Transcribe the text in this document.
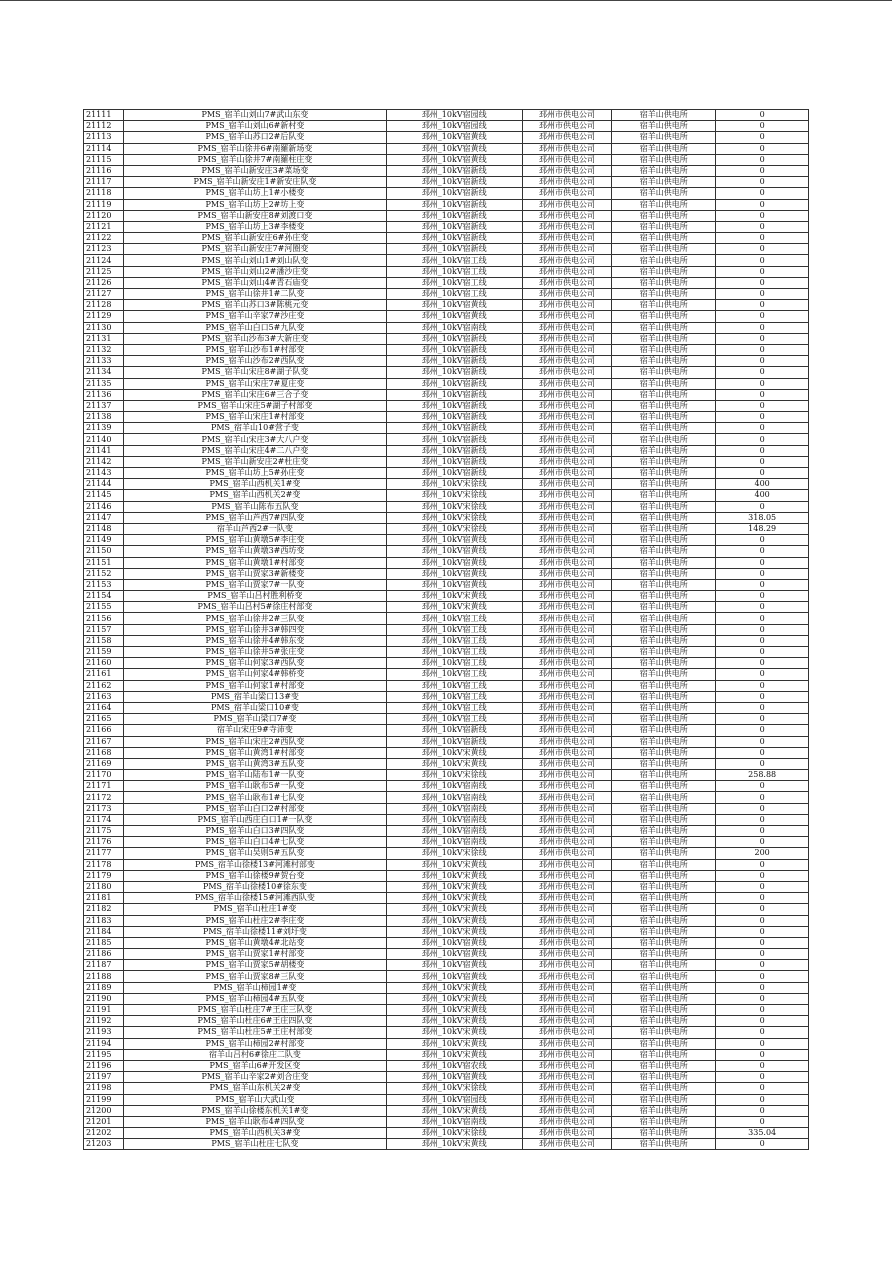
21111	PMS_宿羊山刘山7#武山东变	邳州_10kV宿园线	邳州市供电公司	宿羊山供电所	0
21112	PMS_宿羊山刘山6#新村变	邳州_10kV宿园线	邳州市供电公司	宿羊山供电所	0
21113	PMS_宿羊山苏口2#后队变	邳州_10kV宿黄线	邳州市供电公司	宿羊山供电所	0
21114	PMS_宿羊山徐井6#南羅新场变	邳州_10kV宿黄线	邳州市供电公司	宿羊山供电所	0
21115	PMS_宿羊山徐井7#南羅柱庄变	邳州_10kV宿黄线	邳州市供电公司	宿羊山供电所	0
21116	PMS_宿羊山新安庄3#菜场变	邳州_10kV宿新线	邳州市供电公司	宿羊山供电所	0
21117	PMS_宿羊山新安庄1#新安庄队变	邳州_10kV宿新线	邳州市供电公司	宿羊山供电所	0
21118	PMS_宿羊山坊上1#小楼变	邳州_10kV宿新线	邳州市供电公司	宿羊山供电所	0
21119	PMS_宿羊山坊上2#坊上变	邳州_10kV宿新线	邳州市供电公司	宿羊山供电所	0
21120	PMS_宿羊山新安庄8#刘渡口变	邳州_10kV宿新线	邳州市供电公司	宿羊山供电所	0
21121	PMS_宿羊山坊上3#李楼变	邳州_10kV宿新线	邳州市供电公司	宿羊山供电所	0
21122	PMS_宿羊山新安庄6#孙庄变	邳州_10kV宿新线	邳州市供电公司	宿羊山供电所	0
21123	PMS_宿羊山新安庄7#河圈变	邳州_10kV宿新线	邳州市供电公司	宿羊山供电所	0
21124	PMS_宿羊山刘山1#刘山队变	邳州_10kV宿工线	邳州市供电公司	宿羊山供电所	0
21125	PMS_宿羊山刘山2#潘沙庄变	邳州_10kV宿工线	邳州市供电公司	宿羊山供电所	0
21126	PMS_宿羊山刘山4#青石庙变	邳州_10kV宿工线	邳州市供电公司	宿羊山供电所	0
21127	PMS_宿羊山徐井1#二队变	邳州_10kV宿工线	邳州市供电公司	宿羊山供电所	0
21128	PMS_宿羊山苏口3#陈桃元变	邳州_10kV宿黄线	邳州市供电公司	宿羊山供电所	0
21129	PMS_宿羊山辛家7#沙庄变	邳州_10kV宿黄线	邳州市供电公司	宿羊山供电所	0
21130	PMS_宿羊山白口5#九队变	邳州_10kV宿南线	邳州市供电公司	宿羊山供电所	0
21131	PMS_宿羊山沙布3#大新庄变	邳州_10kV宿新线	邳州市供电公司	宿羊山供电所	0
21132	PMS_宿羊山沙布1#村部变	邳州_10kV宿新线	邳州市供电公司	宿羊山供电所	0
21133	PMS_宿羊山沙布2#西队变	邳州_10kV宿新线	邳州市供电公司	宿羊山供电所	0
21134	PMS_宿羊山宋庄8#湖子队变	邳州_10kV宿新线	邳州市供电公司	宿羊山供电所	0
21135	PMS_宿羊山宋庄7#夏庄变	邳州_10kV宿新线	邳州市供电公司	宿羊山供电所	0
21136	PMS_宿羊山宋庄6#三合子变	邳州_10kV宿新线	邳州市供电公司	宿羊山供电所	0
21137	PMS_宿羊山宋庄5#湖子村部变	邳州_10kV宿新线	邳州市供电公司	宿羊山供电所	0
21138	PMS_宿羊山宋庄1#村部变	邳州_10kV宿新线	邳州市供电公司	宿羊山供电所	0
21139	PMS_宿羊山10#营子变	邳州_10kV宿新线	邳州市供电公司	宿羊山供电所	0
21140	PMS_宿羊山宋庄3#大八户变	邳州_10kV宿新线	邳州市供电公司	宿羊山供电所	0
21141	PMS_宿羊山宋庄4#二八户变	邳州_10kV宿新线	邳州市供电公司	宿羊山供电所	0
21142	PMS_宿羊山新安庄2#杜庄变	邳州_10kV宿新线	邳州市供电公司	宿羊山供电所	0
21143	PMS_宿羊山坊上5#孙庄变	邳州_10kV宿新线	邳州市供电公司	宿羊山供电所	0
21144	PMS_宿羊山西机关1#变	邳州_10kV宋徐线	邳州市供电公司	宿羊山供电所	400
21145	PMS_宿羊山西机关2#变	邳州_10kV宋徐线	邳州市供电公司	宿羊山供电所	400
21146	PMS_宿羊山陈布五队变	邳州_10kV宋徐线	邳州市供电公司	宿羊山供电所	0
21147	PMS_宿羊山芦西7#四队变	邳州_10kV宋徐线	邳州市供电公司	宿羊山供电所	318.05
21148	宿羊山芦西2#一队变	邳州_10kV宋徐线	邳州市供电公司	宿羊山供电所	148.29
21149	PMS_宿羊山黄墩5#李庄变	邳州_10kV宿黄线	邳州市供电公司	宿羊山供电所	0
21150	PMS_宿羊山黄墩3#西坊变	邳州_10kV宿黄线	邳州市供电公司	宿羊山供电所	0
21151	PMS_宿羊山黄墩1#村部变	邳州_10kV宿黄线	邳州市供电公司	宿羊山供电所	0
21152	PMS_宿羊山贾家3#新楼变	邳州_10kV宿黄线	邳州市供电公司	宿羊山供电所	0
21153	PMS_宿羊山贾家7#一队变	邳州_10kV宿黄线	邳州市供电公司	宿羊山供电所	0
21154	PMS_宿羊山吕村胜利桥变	邳州_10kV宋黄线	邳州市供电公司	宿羊山供电所	0
21155	PMS_宿羊山吕村5#徐庄村部变	邳州_10kV宋黄线	邳州市供电公司	宿羊山供电所	0
21156	PMS_宿羊山徐井2#三队变	邳州_10kV宿工线	邳州市供电公司	宿羊山供电所	0
21157	PMS_宿羊山徐井3#韩四变	邳州_10kV宿工线	邳州市供电公司	宿羊山供电所	0
21158	PMS_宿羊山徐井4#韩东变	邳州_10kV宿工线	邳州市供电公司	宿羊山供电所	0
21159	PMS_宿羊山徐井5#张庄变	邳州_10kV宿工线	邳州市供电公司	宿羊山供电所	0
21160	PMS_宿羊山何家3#西队变	邳州_10kV宿工线	邳州市供电公司	宿羊山供电所	0
21161	PMS_宿羊山何家4#韩桥变	邳州_10kV宿工线	邳州市供电公司	宿羊山供电所	0
21162	PMS_宿羊山何家1#村部变	邳州_10kV宿工线	邳州市供电公司	宿羊山供电所	0
21163	PMS_宿羊山梁口13#变	邳州_10kV宿工线	邳州市供电公司	宿羊山供电所	0
21164	PMS_宿羊山梁口10#变	邳州_10kV宿工线	邳州市供电公司	宿羊山供电所	0
21165	PMS_宿羊山梁口7#变	邳州_10kV宿工线	邳州市供电公司	宿羊山供电所	0
21166	宿羊山宋庄9#寺沛变	邳州_10kV宿新线	邳州市供电公司	宿羊山供电所	0
21167	PMS_宿羊山宋庄2#西队变	邳州_10kV宿新线	邳州市供电公司	宿羊山供电所	0
21168	PMS_宿羊山黄湾1#村部变	邳州_10kV宋黄线	邳州市供电公司	宿羊山供电所	0
21169	PMS_宿羊山黄湾3#五队变	邳州_10kV宋黄线	邳州市供电公司	宿羊山供电所	0
21170	PMS_宿羊山陆布1#一队变	邳州_10kV宋徐线	邳州市供电公司	宿羊山供电所	258.88
21171	PMS_宿羊山耿布5#一队变	邳州_10kV宿南线	邳州市供电公司	宿羊山供电所	0
21172	PMS_宿羊山耿布1#七队变	邳州_10kV宿南线	邳州市供电公司	宿羊山供电所	0
21173	PMS_宿羊山白口2#村部变	邳州_10kV宿南线	邳州市供电公司	宿羊山供电所	0
21174	PMS_宿羊山西庄白口1#一队变	邳州_10kV宿南线	邳州市供电公司	宿羊山供电所	0
21175	PMS_宿羊山白口3#四队变	邳州_10kV宿南线	邳州市供电公司	宿羊山供电所	0
21176	PMS_宿羊山白口4#七队变	邳州_10kV宿南线	邳州市供电公司	宿羊山供电所	0
21177	PMS_宿羊山吴则5#五队变	邳州_10kV宋徐线	邳州市供电公司	宿羊山供电所	200
21178	PMS_宿羊山徐楼13#河滩村部变	邳州_10kV宋黄线	邳州市供电公司	宿羊山供电所	0
21179	PMS_宿羊山徐楼9#贺台变	邳州_10kV宋黄线	邳州市供电公司	宿羊山供电所	0
21180	PMS_宿羊山徐楼10#徐东变	邳州_10kV宋黄线	邳州市供电公司	宿羊山供电所	0
21181	PMS_宿羊山徐楼15#河滩西队变	邳州_10kV宋黄线	邳州市供电公司	宿羊山供电所	0
21182	PMS_宿羊山杜庄1#变	邳州_10kV宋黄线	邳州市供电公司	宿羊山供电所	0
21183	PMS_宿羊山杜庄2#李庄变	邳州_10kV宋黄线	邳州市供电公司	宿羊山供电所	0
21184	PMS_宿羊山徐楼11#刘圩变	邳州_10kV宋黄线	邳州市供电公司	宿羊山供电所	0
21185	PMS_宿羊山黄墩4#北站变	邳州_10kV宿黄线	邳州市供电公司	宿羊山供电所	0
21186	PMS_宿羊山贾家1#村部变	邳州_10kV宿黄线	邳州市供电公司	宿羊山供电所	0
21187	PMS_宿羊山贾家5#胡楼变	邳州_10kV宿黄线	邳州市供电公司	宿羊山供电所	0
21188	PMS_宿羊山贾家8#三队变	邳州_10kV宿黄线	邳州市供电公司	宿羊山供电所	0
21189	PMS_宿羊山柿园1#变	邳州_10kV宋黄线	邳州市供电公司	宿羊山供电所	0
21190	PMS_宿羊山柿园4#五队变	邳州_10kV宋黄线	邳州市供电公司	宿羊山供电所	0
21191	PMS_宿羊山杜庄7#王庄三队变	邳州_10kV宋黄线	邳州市供电公司	宿羊山供电所	0
21192	PMS_宿羊山杜庄6#王庄四队变	邳州_10kV宋黄线	邳州市供电公司	宿羊山供电所	0
21193	PMS_宿羊山杜庄5#王庄村部变	邳州_10kV宋黄线	邳州市供电公司	宿羊山供电所	0
21194	PMS_宿羊山柿园2#村部变	邳州_10kV宋黄线	邳州市供电公司	宿羊山供电所	0
21195	宿羊山吕村6#徐庄二队变	邳州_10kV宋黄线	邳州市供电公司	宿羊山供电所	0
21196	PMS_宿羊山6#开发区变	邳州_10kV宿农线	邳州市供电公司	宿羊山供电所	0
21197	PMS_宿羊山辛家2#刘合庄变	邳州_10kV宿黄线	邳州市供电公司	宿羊山供电所	0
21198	PMS_宿羊山东机关2#变	邳州_10kV宋徐线	邳州市供电公司	宿羊山供电所	0
21199	PMS_宿羊山大武山变	邳州_10kV宿园线	邳州市供电公司	宿羊山供电所	0
21200	PMS_宿羊山徐楼东机关1#变	邳州_10kV宋黄线	邳州市供电公司	宿羊山供电所	0
21201	PMS_宿羊山耿布4#四队变	邳州_10kV宿南线	邳州市供电公司	宿羊山供电所	0
21202	PMS_宿羊山西机关3#变	邳州_10kV宋徐线	邳州市供电公司	宿羊山供电所	335.04
21203	PMS_宿羊山杜庄七队变	邳州_10kV宋黄线	邳州市供电公司	宿羊山供电所	0
